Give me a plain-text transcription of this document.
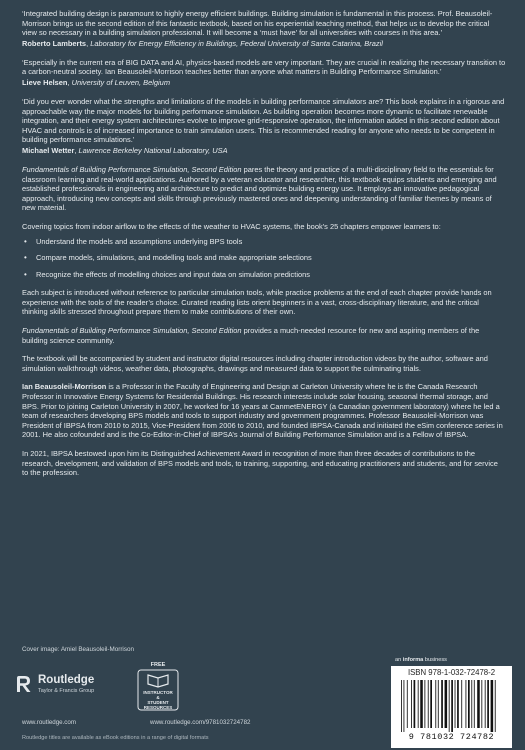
‘Integrated building design is paramount to highly energy efficient buildings. Building simulation is fundamental in this process. Prof. Beausoleil-Morrison brings us the second edition of this fantastic textbook, based on his experiential teaching method, that helps us to develop the critical view so necessary in a building simulation professional. It will become a ‘must have’ for all universities with courses in this area.’

Roberto Lamberts, Laboratory for Energy Efficiency in Buildings, Federal University of Santa Catarina, Brazil

‘Especially in the current era of BIG DATA and AI, physics-based models are very important. They are crucial in realizing the necessary transition to a carbon-neutral society. Ian Beausoleil-Morrison teaches better than anyone what matters in Building Performance Simulation.’

Lieve Helsen, University of Leuven, Belgium

‘Did you ever wonder what the strengths and limitations of the models in building performance simulators are? This book explains in a rigorous and approachable way the major models for building performance simulation. As building operation becomes more dynamic to facilitate renewable integration, and their energy system architectures evolve to improve grid-responsive operation, the information added in this second edition about HVAC and controls is of increased importance to train simulation users. This is recommended reading for anyone who needs to be competent in building performance simulations.’

Michael Wetter, Lawrence Berkeley National Laboratory, USA

Fundamentals of Building Performance Simulation, Second Edition pares the theory and practice of a multi-disciplinary field to the essentials for classroom learning and real-world applications. Authored by a veteran educator and researcher, this textbook equips students and emerging and established professionals in engineering and architecture to predict and optimize building energy use. It employs an innovative pedagogical approach, introducing new concepts and skills through previously mastered ones and deepening understanding of familiar themes by means of new material.

Covering topics from indoor airflow to the effects of the weather to HVAC systems, the book’s 25 chapters empower learners to:

• Understand the models and assumptions underlying BPS tools
• Compare models, simulations, and modelling tools and make appropriate selections
• Recognize the effects of modelling choices and input data on simulation predictions

Each subject is introduced without reference to particular simulation tools, while practice problems at the end of each chapter provide hands on experience with the tools of the reader’s choice. Curated reading lists orient beginners in a vast, cross-disciplinary literature, and the critical thinking skills stressed throughout prepare them to make contributions of their own.

Fundamentals of Building Performance Simulation, Second Edition provides a much-needed resource for new and aspiring members of the building science community.

The textbook will be accompanied by student and instructor digital resources including chapter introduction videos by the author, software and simulation walkthrough videos, weather data, photographs, drawings and measured data to support the culminating trials.

Ian Beausoleil-Morrison is a Professor in the Faculty of Engineering and Design at Carleton University where he is the Canada Research Professor in Innovative Energy Systems for Residential Buildings. His research interests include solar housing, seasonal thermal storage, and BPS. Prior to joining Carleton University in 2007, he worked for 16 years at CanmetENERGY (a Canadian government laboratory) where he led a team of researchers developing BPS models and tools to support industry and government programmes. Professor Beausoleil-Morrison was President of IBPSA from 2010 to 2015, Vice-President from 2006 to 2010, and founded IBPSA-Canada and initiated the eSim conference series in 2001. He also cofounded and is the Co-Editor-in-Chief of IBPSA’s Journal of Building Performance Simulation and is a Fellow of IBPSA.

In 2021, IBPSA bestowed upon him its Distinguished Achievement Award in recognition of more than three decades of contributions to the research, development, and validation of BPS models and tools, to training, supporting, and educating practitioners and students, and for service to the profession.

Cover image: Amiel Beausoleil-Morrison
Routledge
Taylor & Francis Group
FREE
INSTRUCTOR
&
STUDENT
RESOURCES
www.routledge.com	www.routledge.com/9781032724782
Routledge titles are available as eBook editions in a range of digital formats
an informa business
ISBN 978-1-032-72478-2
9 781032 724782
